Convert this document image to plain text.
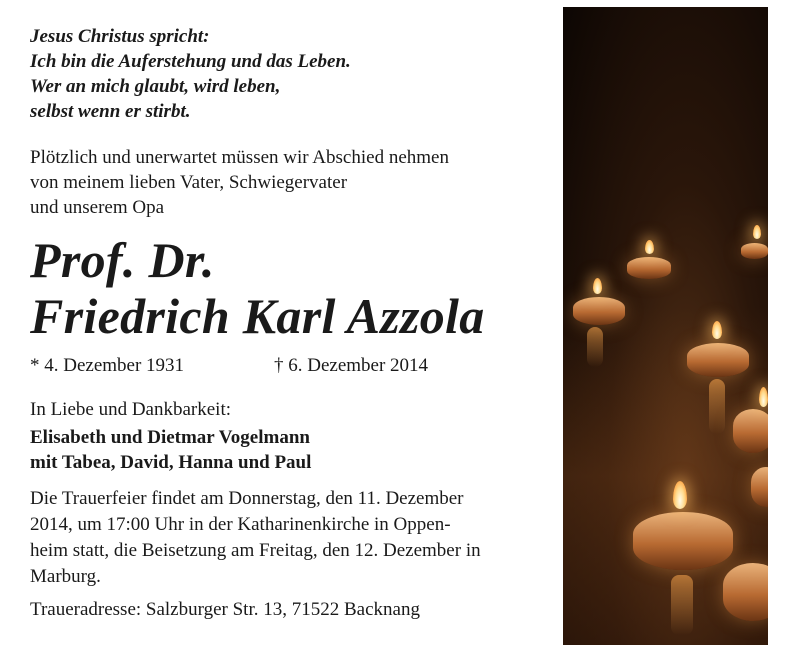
Jesus Christus spricht:
Ich bin die Auferstehung und das Leben.
Wer an mich glaubt, wird leben,
selbst wenn er stirbt.
Plötzlich und unerwartet müssen wir Abschied nehmen
von meinem lieben Vater, Schwiegervater
und unserem Opa
Prof. Dr.
Friedrich Karl Azzola
* 4. Dezember 1931	† 6. Dezember 2014
In Liebe und Dankbarkeit:
Elisabeth und Dietmar Vogelmann
mit Tabea, David, Hanna und Paul
Die Trauerfeier findet am Donnerstag, den 11. Dezember
2014, um 17:00 Uhr in der Katharinenkirche in Oppen-
heim statt, die Beisetzung am Freitag, den 12. Dezember in
Marburg.
Traueradresse: Salzburger Str. 13, 71522 Backnang
